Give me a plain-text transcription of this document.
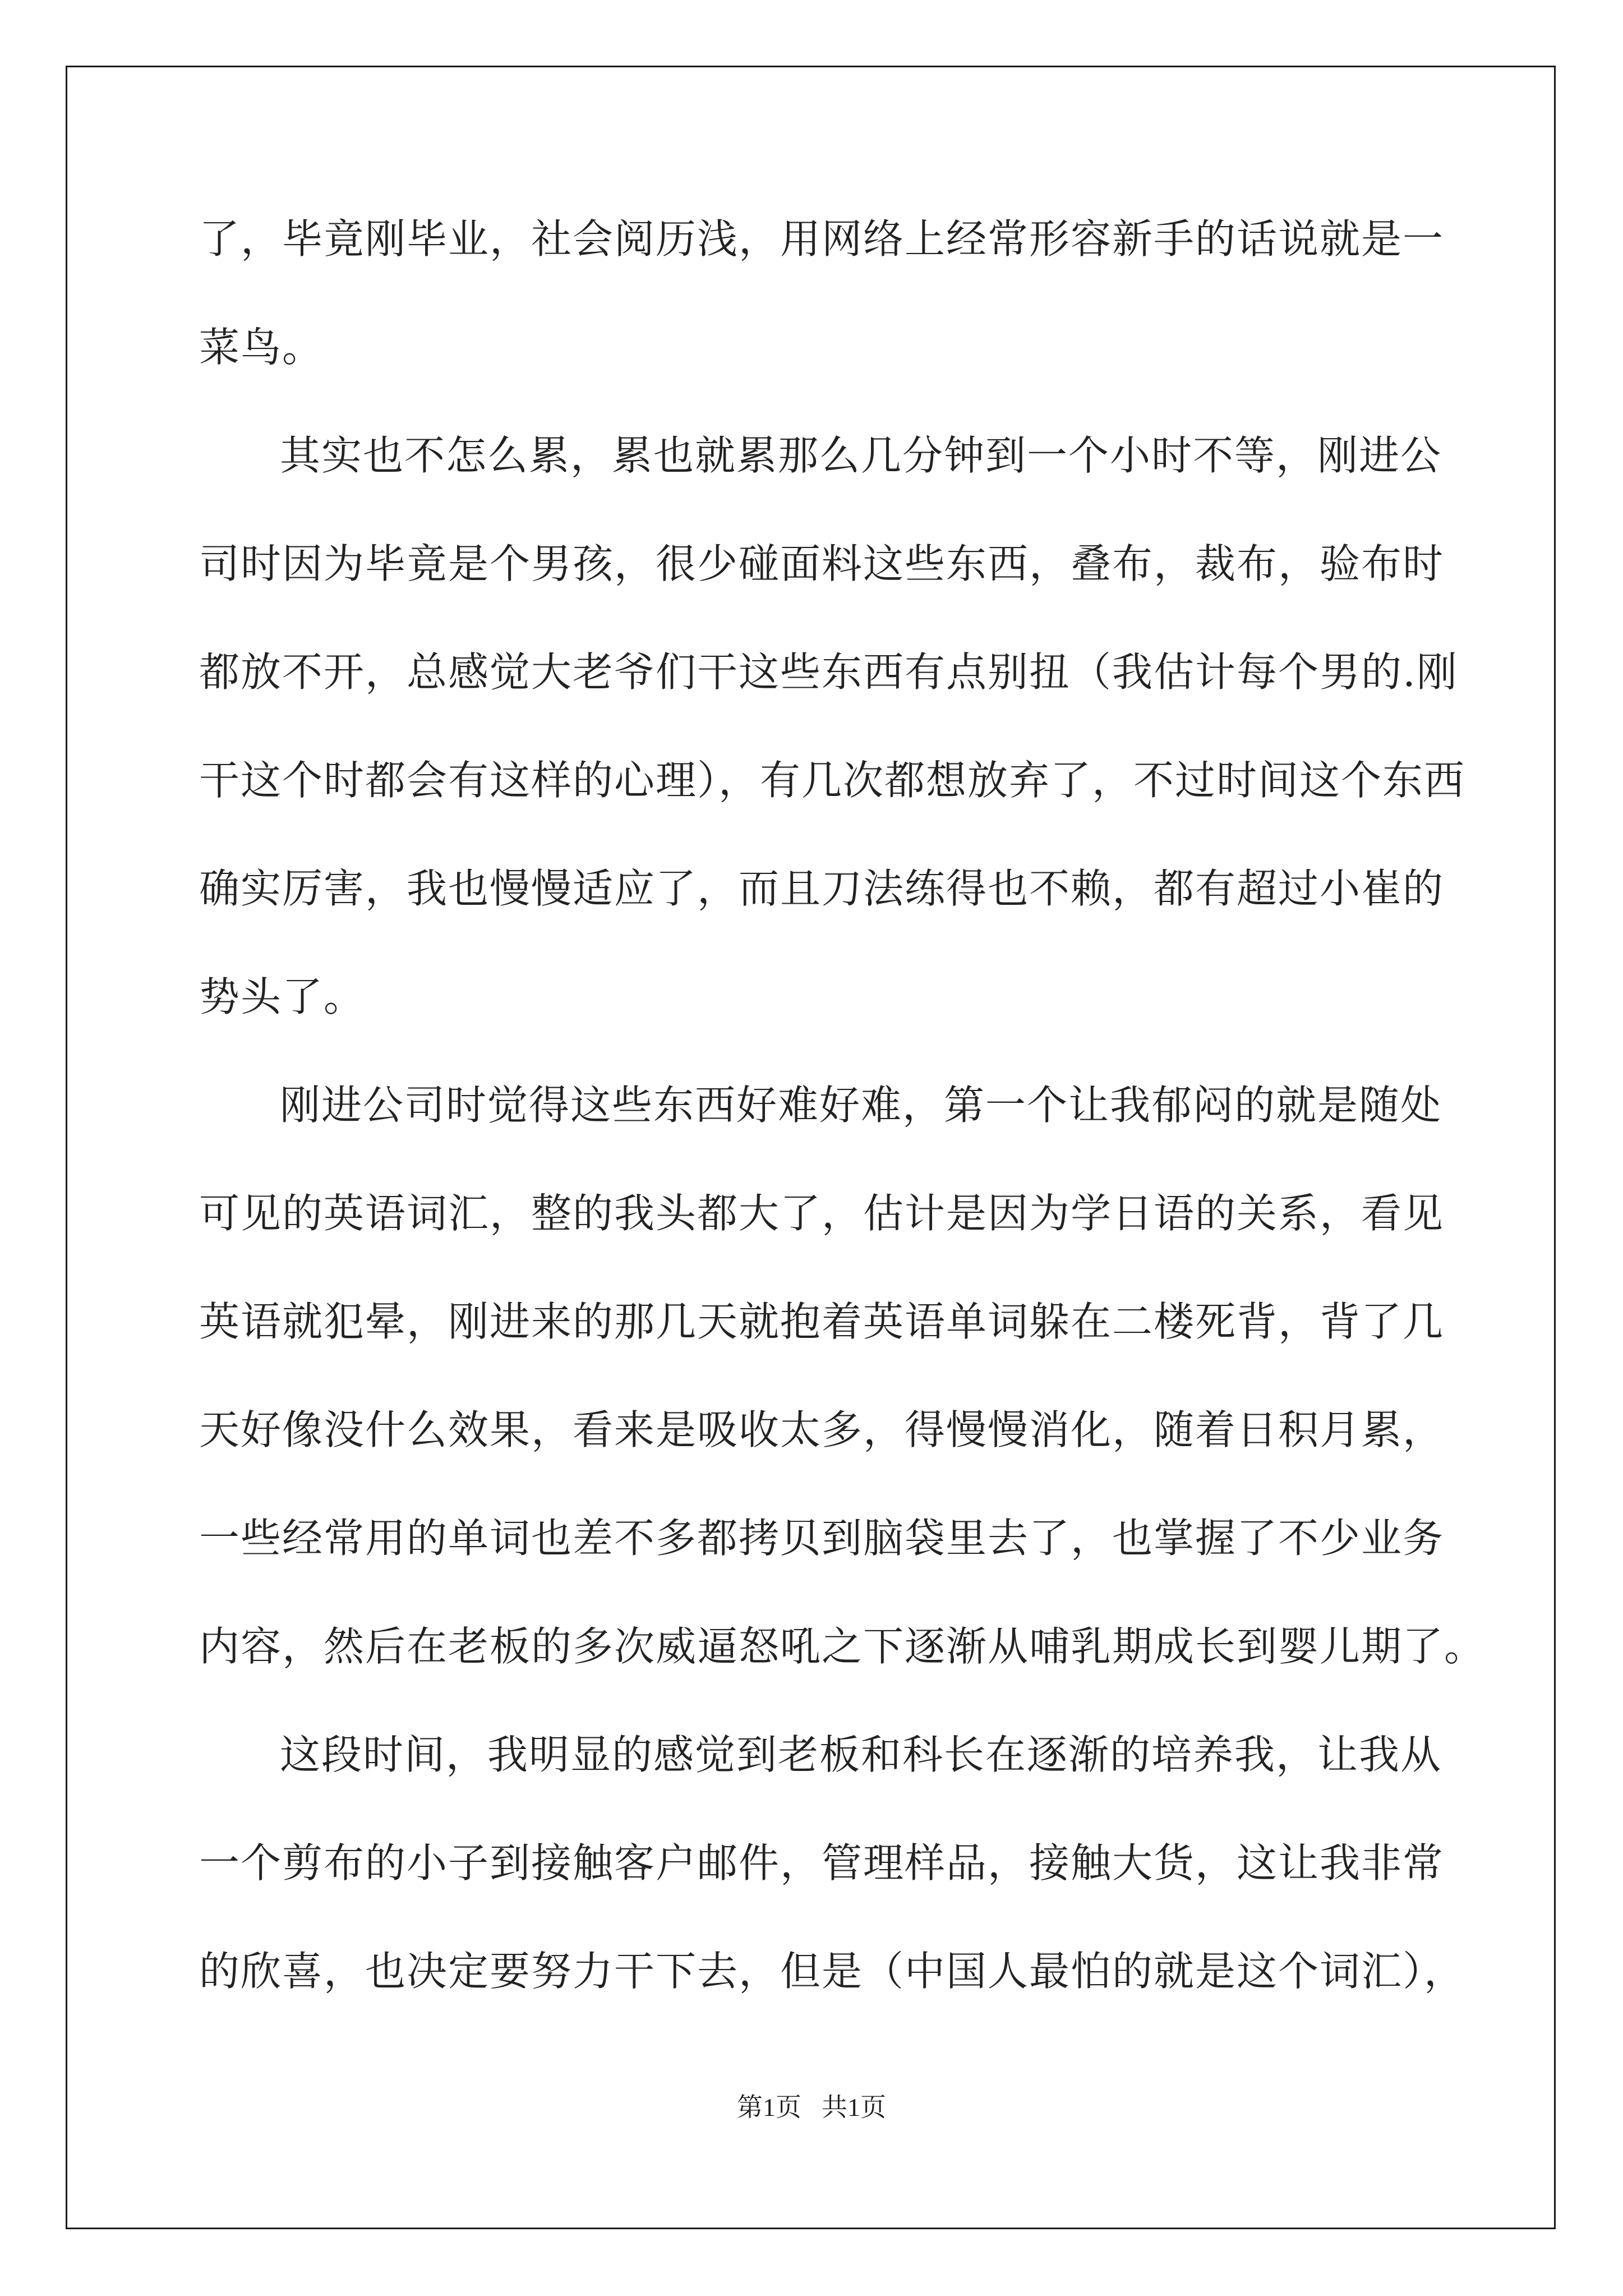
了，毕竟刚毕业，社会阅历浅，用网络上经常形容新手的话说就是一
菜鸟。
其实也不怎么累，累也就累那么几分钟到一个小时不等，刚进公
司时因为毕竟是个男孩，很少碰面料这些东西，叠布，裁布，验布时
都放不开，总感觉大老爷们干这些东西有点别扭（我估计每个男的.刚
干这个时都会有这样的心理），有几次都想放弃了，不过时间这个东西
确实厉害，我也慢慢适应了，而且刀法练得也不赖，都有超过小崔的
势头了。
刚进公司时觉得这些东西好难好难，第一个让我郁闷的就是随处
可见的英语词汇，整的我头都大了，估计是因为学日语的关系，看见
英语就犯晕，刚进来的那几天就抱着英语单词躲在二楼死背，背了几
天好像没什么效果，看来是吸收太多，得慢慢消化，随着日积月累，
一些经常用的单词也差不多都拷贝到脑袋里去了，也掌握了不少业务
内容，然后在老板的多次威逼怒吼之下逐渐从哺乳期成长到婴儿期了。
这段时间，我明显的感觉到老板和科长在逐渐的培养我，让我从
一个剪布的小子到接触客户邮件，管理样品，接触大货，这让我非常
的欣喜，也决定要努力干下去，但是（中国人最怕的就是这个词汇），
第1页 共1页
